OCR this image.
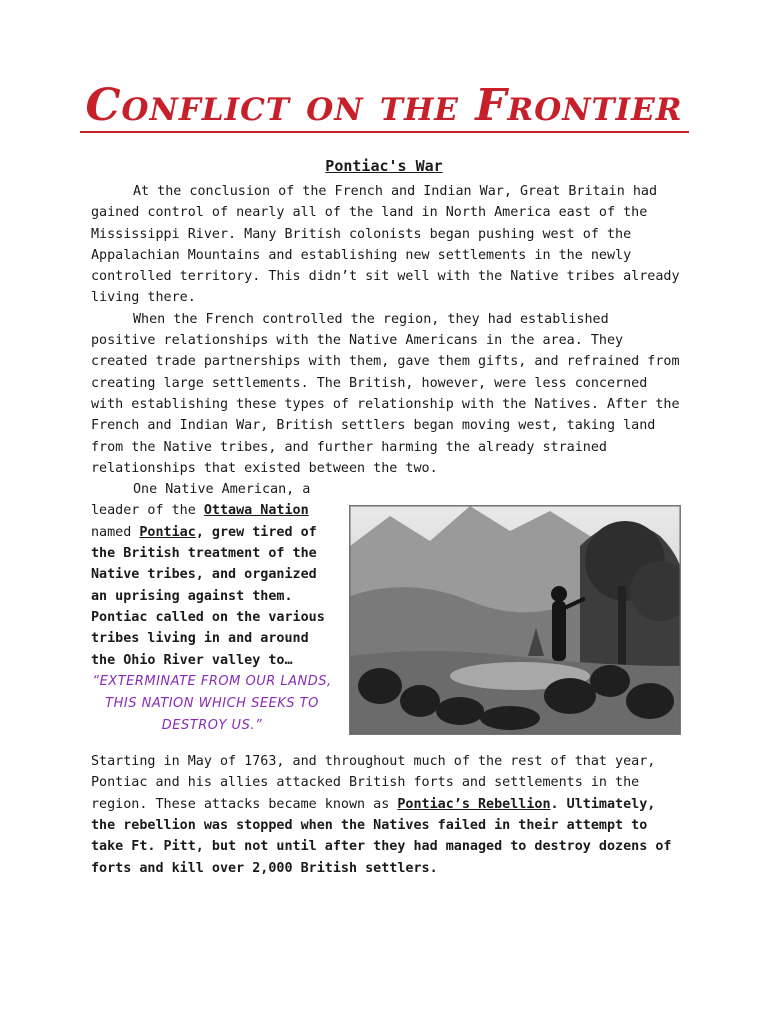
Conflict on the Frontier
Pontiac's War

At the conclusion of the French and Indian War, Great Britain had gained control of nearly all of the land in North America east of the Mississippi River. Many British colonists began pushing west of the Appalachian Mountains and establishing new settlements in the newly controlled territory. This didn’t sit well with the Native tribes already living there.

When the French controlled the region, they had established positive relationships with the Native Americans in the area. They created trade partnerships with them, gave them gifts, and refrained from creating large settlements. The British, however, were less concerned with establishing these types of relationship with the Natives. After the French and Indian War, British settlers began moving west, taking land from the Native tribes, and further harming the already strained relationships that existed between the two.

One Native American, a leader of the Ottawa Nation named Pontiac, grew tired of the British treatment of the Native tribes, and organized an uprising against them. Pontiac called on the various tribes living in and around the Ohio River valley to…

“EXTERMINATE FROM OUR LANDS, THIS NATION WHICH SEEKS TO DESTROY US.”

Starting in May of 1763, and throughout much of the rest of that year, Pontiac and his allies attacked British forts and settlements in the region. These attacks became known as Pontiac’s Rebellion. Ultimately, the rebellion was stopped when the Natives failed in their attempt to take Ft. Pitt, but not until after they had managed to destroy dozens of forts and kill over 2,000 British settlers.
